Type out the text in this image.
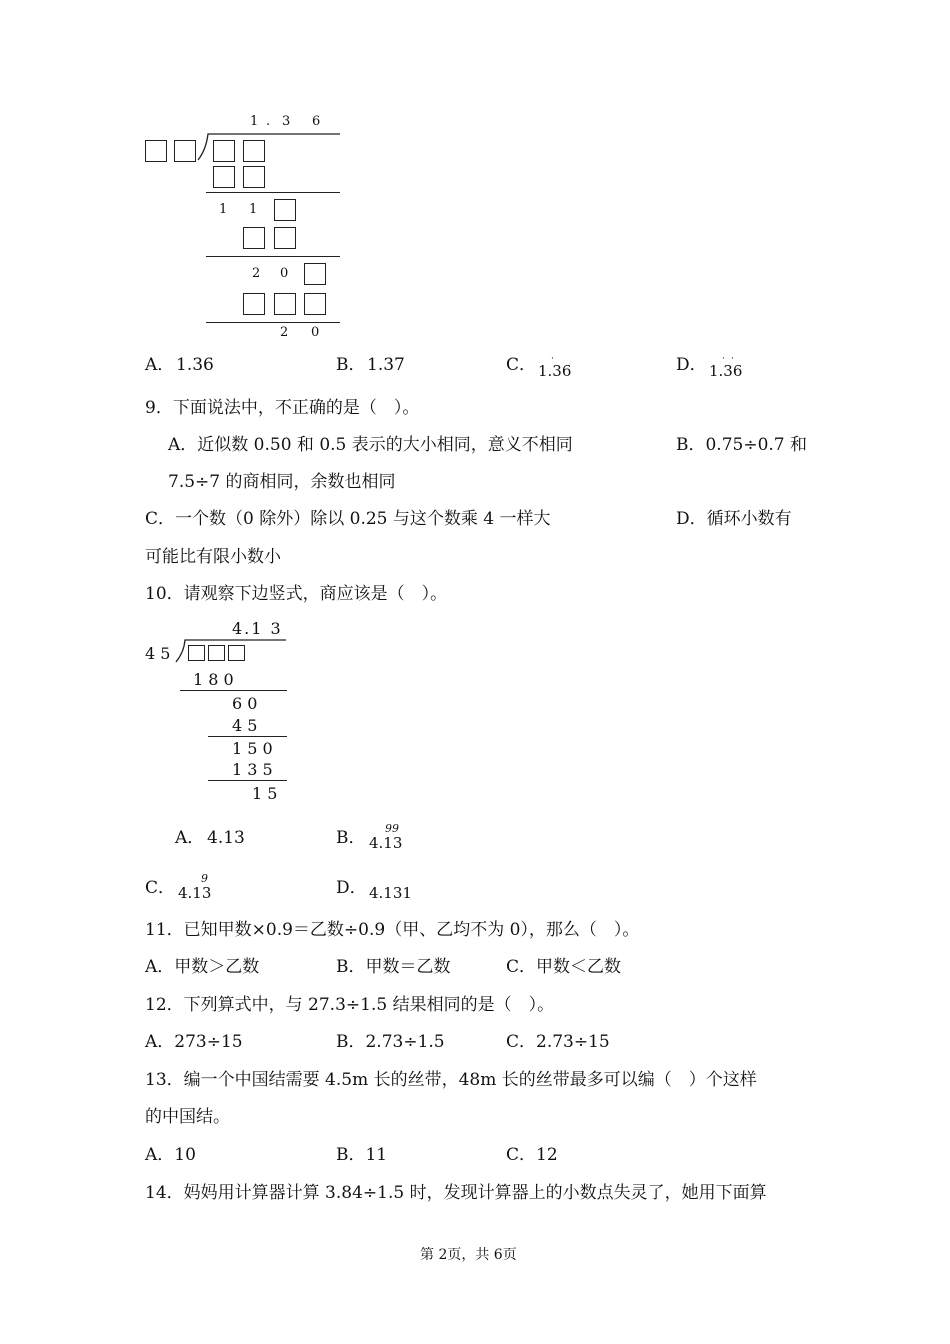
1 . 3 6
1 1
2 0
2 0
A． 1.36	B． 1.37	C． 1.36
·	D． 1.36
· ·
9．下面说法中，不正确的是（　）。
A．近似数 0.50 和 0.5 表示的大小相同，意义不相同	B．0.75÷0.7 和
7.5÷7 的商相同，余数也相同
C．一个数（0 除外）除以 0.25 与这个数乘 4 一样大	D．循环小数有
可能比有限小数小
10．请观察下边竖式，商应该是（　）。
4.1 3
4 5
1 8 0
6 0
4 5
1 5 0
1 3 5
1 5
A． 4.13	B． 4.13
99
C． 4.13
9	D． 4.131
11．已知甲数×0.9＝乙数÷0.9（甲、乙均不为 0），那么（　）。
A．甲数＞乙数	B．甲数＝乙数	C．甲数＜乙数
12．下列算式中，与 27.3÷1.5 结果相同的是（　）。
A．273÷15	B．2.73÷1.5	C．2.73÷15
13．编一个中国结需要 4.5m 长的丝带，48m 长的丝带最多可以编（　）个这样
的中国结。
A．10	B．11	C．12
14．妈妈用计算器计算 3.84÷1.5 时，发现计算器上的小数点失灵了，她用下面算
第 2页，共 6页
